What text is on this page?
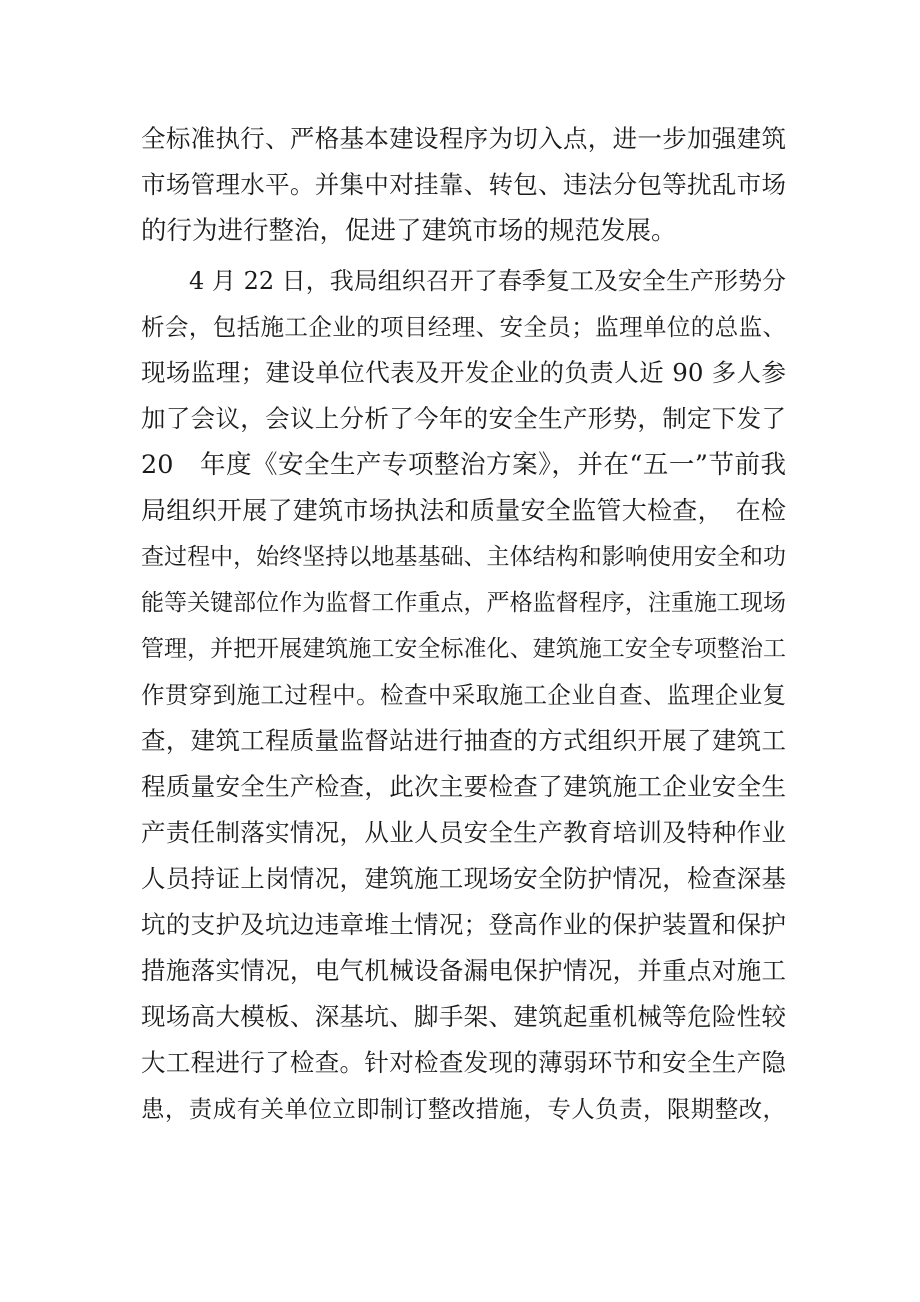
全标准执行、严格基本建设程序为切入点，进一步加强建筑
市场管理水平。并集中对挂靠、转包、违法分包等扰乱市场
的行为进行整治，促进了建筑市场的规范发展。
4 月 22 日，我局组织召开了春季复工及安全生产形势分
析会，包括施工企业的项目经理、安全员；监理单位的总监、
现场监理；建设单位代表及开发企业的负责人近 90 多人参
加了会议，会议上分析了今年的安全生产形势，制定下发了
20　年度《安全生产专项整治方案》，并在“五一”节前我
局组织开展了建筑市场执法和质量安全监管大检查，　在检
查过程中，始终坚持以地基基础、主体结构和影响使用安全和功
能等关键部位作为监督工作重点，严格监督程序，注重施工现场
管理，并把开展建筑施工安全标准化、建筑施工安全专项整治工
作贯穿到施工过程中。检查中采取施工企业自查、监理企业复
查，建筑工程质量监督站进行抽查的方式组织开展了建筑工
程质量安全生产检查，此次主要检查了建筑施工企业安全生
产责任制落实情况，从业人员安全生产教育培训及特种作业
人员持证上岗情况，建筑施工现场安全防护情况，检查深基
坑的支护及坑边违章堆土情况；登高作业的保护装置和保护
措施落实情况，电气机械设备漏电保护情况，并重点对施工
现场高大模板、深基坑、脚手架、建筑起重机械等危险性较
大工程进行了检查。针对检查发现的薄弱环节和安全生产隐
患，责成有关单位立即制订整改措施，专人负责，限期整改，
